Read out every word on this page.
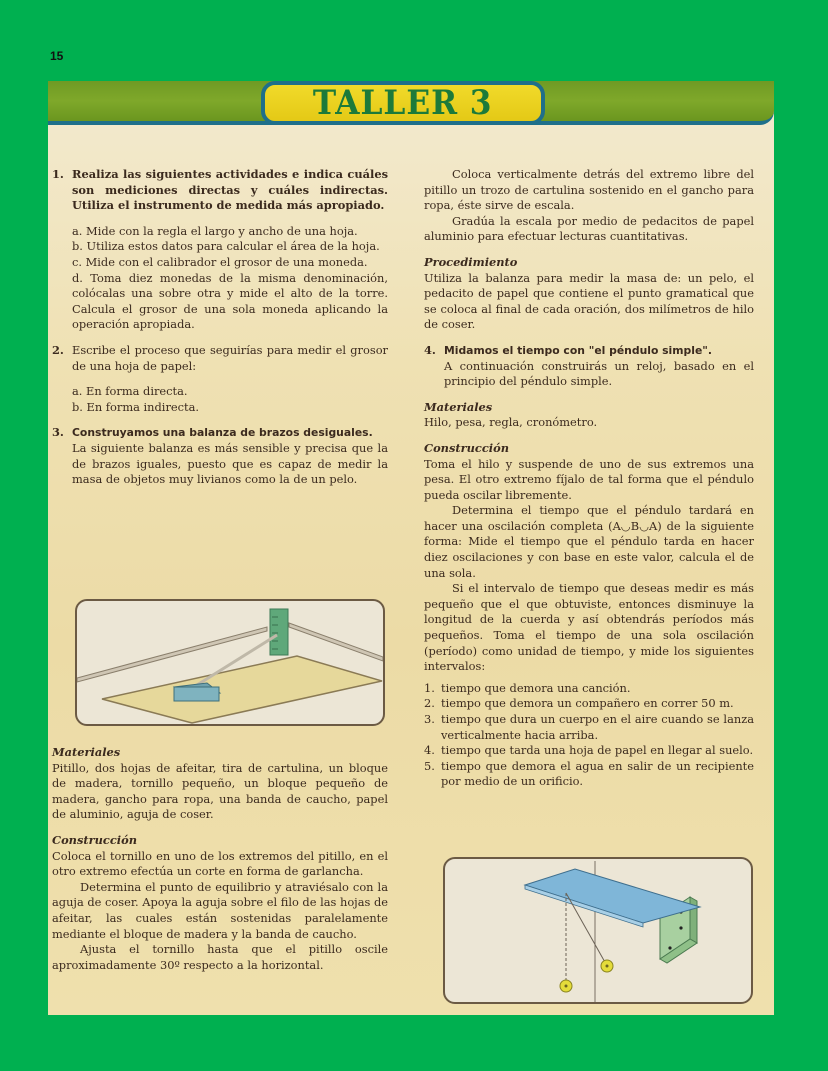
15
TALLER 3
1. Realiza las siguientes actividades e indica cuáles son mediciones directas y cuáles indirectas. Utiliza el instrumento de medida más apropiado.

a. Mide con la regla el largo y ancho de una hoja.

b. Utiliza estos datos para calcular el área de la hoja.

c. Mide con el calibrador el grosor de una moneda.

d. Toma diez monedas de la misma denominación, colócalas una sobre otra y mide el alto de la torre. Calcula el grosor de una sola moneda aplicando la operación apropiada.

2. Escribe el proceso que seguirías para medir el grosor de una hoja de papel:

a. En forma directa.

b. En forma indirecta.

3. Construyamos una balanza de brazos desiguales.

La siguiente balanza es más sensible y precisa que la de brazos iguales, puesto que es capaz de medir la masa de objetos muy livianos como la de un pelo.

Materiales

Pitillo, dos hojas de afeitar, tira de cartulina, un bloque de madera, tornillo pequeño, un bloque pequeño de madera, gancho para ropa, una banda de caucho, papel de aluminio, aguja de coser.

Construcción

Coloca el tornillo en uno de los extremos del pitillo, en el otro extremo efectúa un corte en forma de garlancha.

Determina el punto de equilibrio y atraviésalo con la aguja de coser. Apoya la aguja sobre el filo de las hojas de afeitar, las cuales están sostenidas paralelamente mediante el bloque de madera y la banda de caucho.

Ajusta el tornillo hasta que el pitillo oscile aproximadamente 30º respecto a la horizontal.

Coloca verticalmente detrás del extremo libre del pitillo un trozo de cartulina sostenido en el gancho para ropa, éste sirve de escala.

Gradúa la escala por medio de pedacitos de papel aluminio para efectuar lecturas cuantitativas.

Procedimiento

Utiliza la balanza para medir la masa de: un pelo, el pedacito de papel que contiene el punto gramatical que se coloca al final de cada oración, dos milímetros de hilo de coser.

4. Midamos el tiempo con "el péndulo simple".

A continuación construirás un reloj, basado en el principio del péndulo simple.

Materiales

Hilo, pesa, regla, cronómetro.

Construcción

Toma el hilo y suspende de uno de sus extremos una pesa. El otro extremo fíjalo de tal forma que el péndulo pueda oscilar libremente.

Determina el tiempo que el péndulo tardará en hacer una oscilación completa (A◡B◡A) de la siguiente forma: Mide el tiempo que el péndulo tarda en hacer diez oscilaciones y con base en este valor, calcula el de una sola.

Si el intervalo de tiempo que deseas medir es más pequeño que el que obtuviste, entonces disminuye la longitud de la cuerda y así obtendrás períodos más pequeños. Toma el tiempo de una sola oscilación (período) como unidad de tiempo, y mide los siguientes intervalos:

1. tiempo que demora una canción.
2. tiempo que demora un compañero en correr 50 m.
3. tiempo que dura un cuerpo en el aire cuando se lanza verticalmente hacia arriba.
4. tiempo que tarda una hoja de papel en llegar al suelo.
5. tiempo que demora el agua en salir de un recipiente por medio de un orificio.
